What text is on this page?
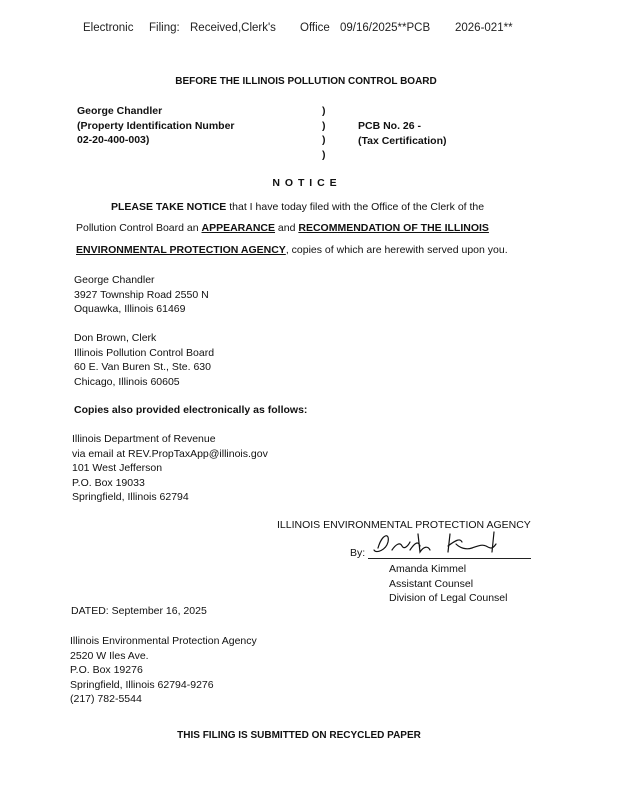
Electronic Filing: Received,Clerk's Office 09/16/2025**PCB 2026-021**
BEFORE THE ILLINOIS POLLUTION CONTROL BOARD
George Chandler
(Property Identification Number
02-20-400-003)
)
)
)
)
PCB No. 26 -
(Tax Certification)
N O T I C E
PLEASE TAKE NOTICE that I have today filed with the Office of the Clerk of the
Pollution Control Board an APPEARANCE and RECOMMENDATION OF THE ILLINOIS
ENVIRONMENTAL PROTECTION AGENCY, copies of which are herewith served upon you.
George Chandler
3927 Township Road 2550 N
Oquawka, Illinois 61469
Don Brown, Clerk
Illinois Pollution Control Board
60 E. Van Buren St., Ste. 630
Chicago, Illinois 60605
Copies also provided electronically as follows:
Illinois Department of Revenue
via email at REV.PropTaxApp@illinois.gov
101 West Jefferson
P.O. Box 19033
Springfield, Illinois 62794
ILLINOIS ENVIRONMENTAL PROTECTION AGENCY
By:
Amanda Kimmel
Assistant Counsel
Division of Legal Counsel
DATED: September 16, 2025
Illinois Environmental Protection Agency
2520 W Iles Ave.
P.O. Box 19276
Springfield, Illinois 62794-9276
(217) 782-5544
THIS FILING IS SUBMITTED ON RECYCLED PAPER
